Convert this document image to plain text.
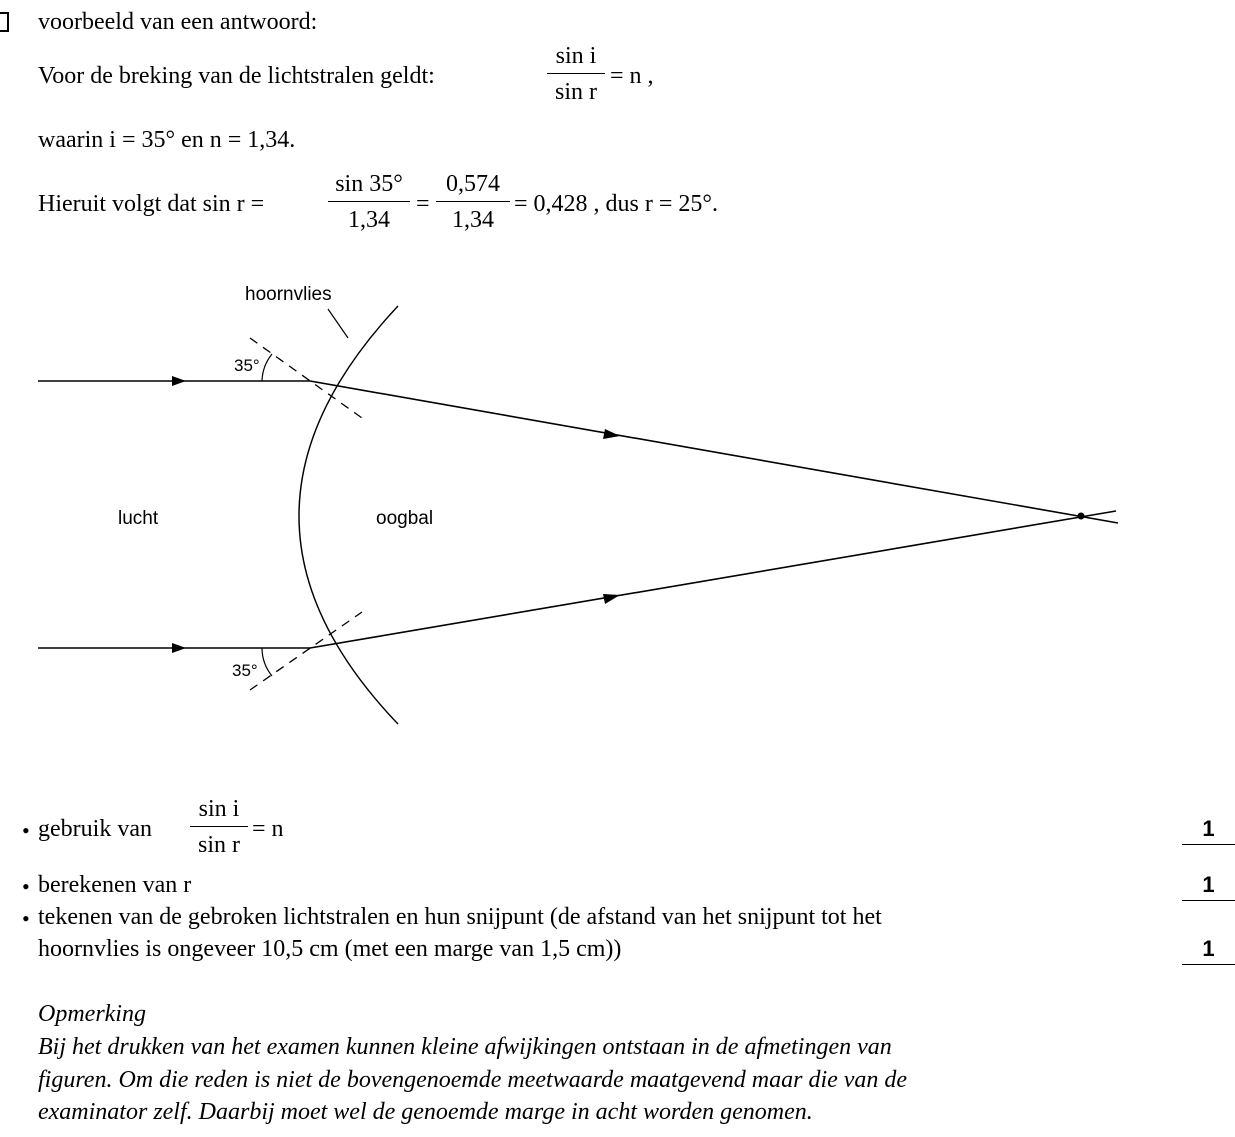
voorbeeld van een antwoord:
Voor de breking van de lichtstralen geldt:
sin i
sin r
= n ,
waarin i = 35° en n = 1,34.
Hieruit volgt dat sin r =
sin 35°
1,34
=
0,574
1,34
= 0,428 , dus r = 25°.
hoornvlies
lucht	oogbal
35°
35°
• gebruik van
sin i
sin r
= n	1
• berekenen van r	1
• tekenen van de gebroken lichtstralen en hun snijpunt (de afstand van het snijpunt tot het
hoornvlies is ongeveer 10,5 cm (met een marge van 1,5 cm))	1
Opmerking
Bij het drukken van het examen kunnen kleine afwijkingen ontstaan in de afmetingen van
figuren. Om die reden is niet de bovengenoemde meetwaarde maatgevend maar die van de
examinator zelf. Daarbij moet wel de genoemde marge in acht worden genomen.
